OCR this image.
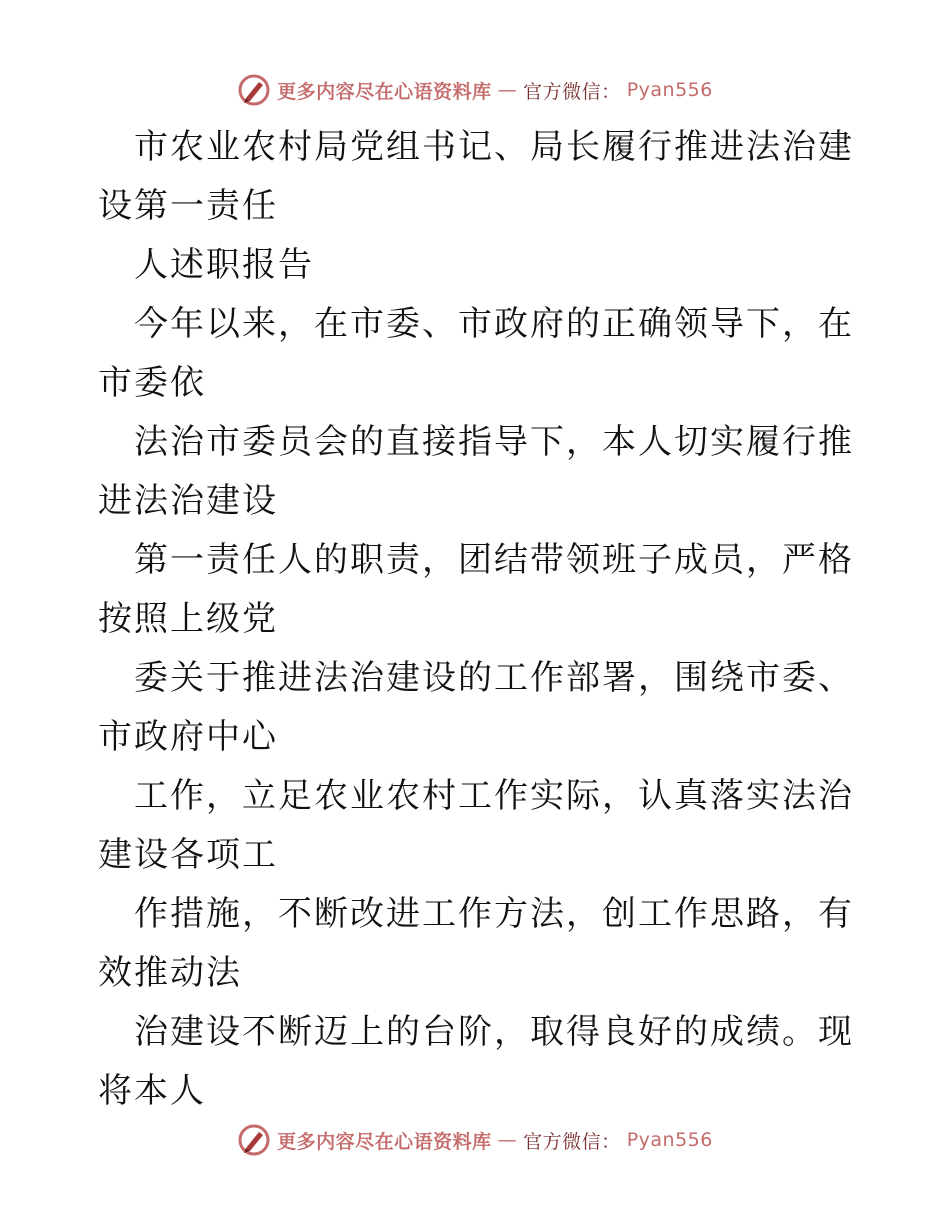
更多内容尽在心语资料库 — 官方微信： Pyan556

市农业农村局党组书记、局长履行推进法治建设第一责任

人述职报告

今年以来，在市委、市政府的正确领导下，在市委依

法治市委员会的直接指导下，本人切实履行推进法治建设

第一责任人的职责，团结带领班子成员，严格按照上级党

委关于推进法治建设的工作部署，围绕市委、市政府中心

工作，立足农业农村工作实际，认真落实法治建设各项工

作措施，不断改进工作方法，创工作思路，有效推动法

治建设不断迈上的台阶，取得良好的成绩。现将本人

更多内容尽在心语资料库 — 官方微信： Pyan556
